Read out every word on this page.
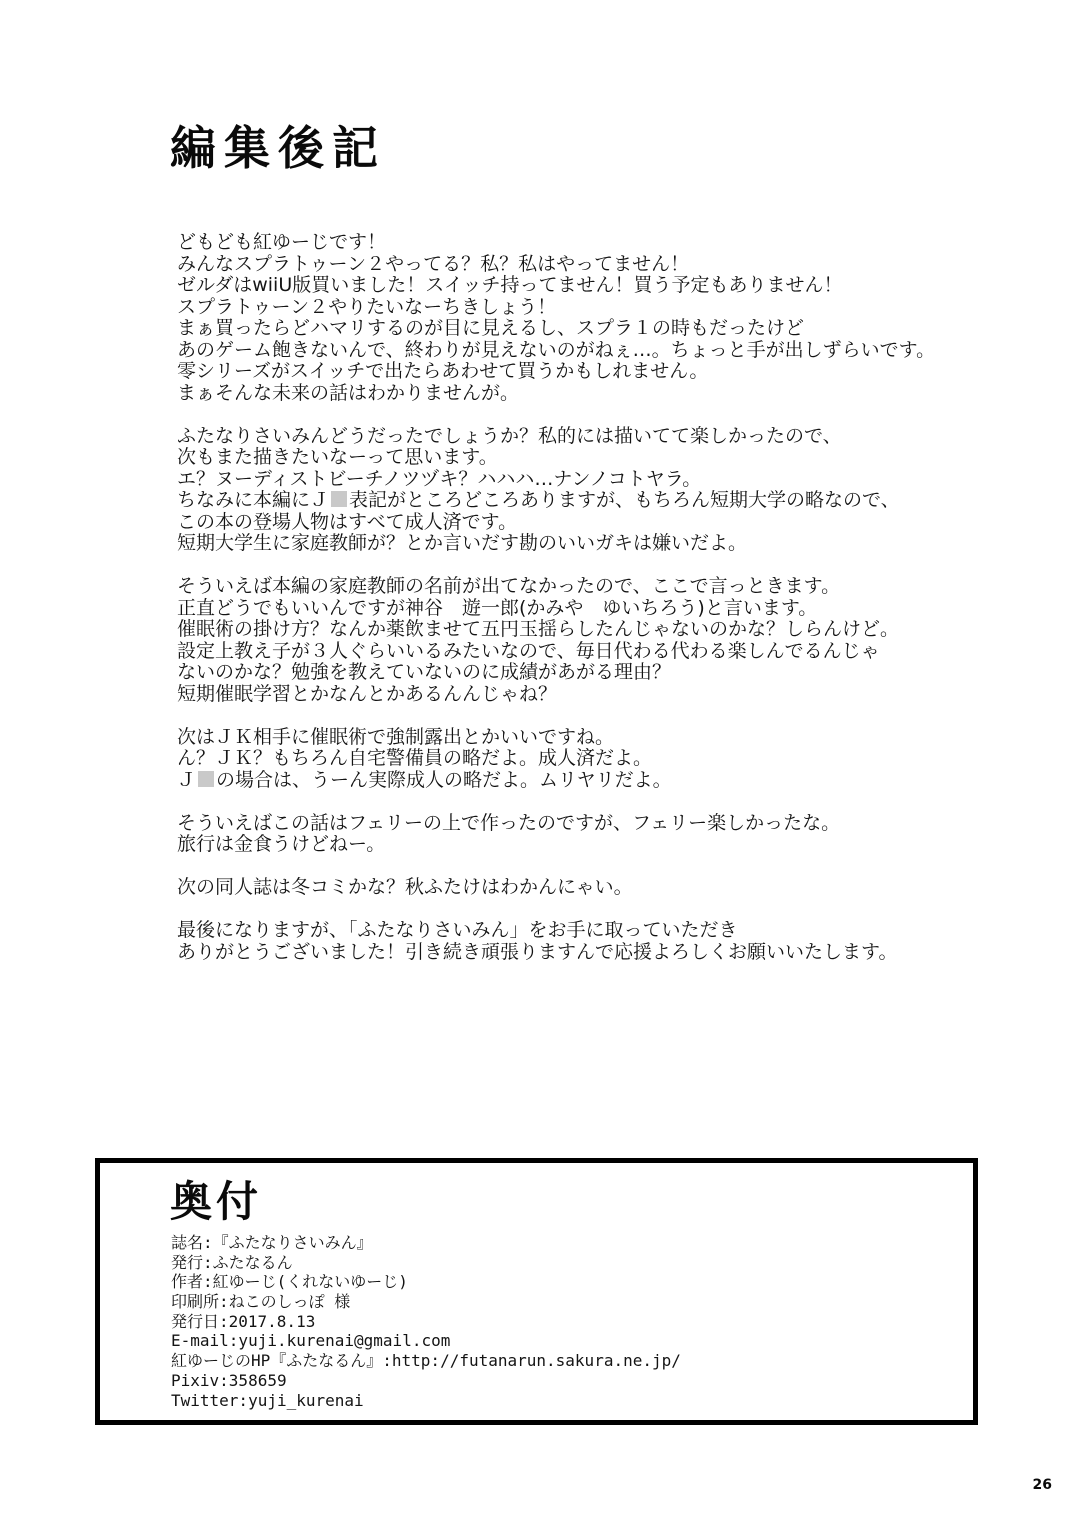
編集後記
どもども紅ゆーじです！
みんなスプラトゥーン２やってる？私？私はやってません！
ゼルダはwiiU版買いました！スイッチ持ってません！買う予定もありません！
スプラトゥーン２やりたいなーちきしょう！
まぁ買ったらどハマリするのが目に見えるし、スプラ１の時もだったけど
あのゲーム飽きないんで、終わりが見えないのがねぇ…。ちょっと手が出しずらいです。
零シリーズがスイッチで出たらあわせて買うかもしれません。
まぁそんな未来の話はわかりませんが。
ふたなりさいみんどうだったでしょうか？私的には描いてて楽しかったので、
次もまた描きたいなーって思います。
エ？ヌーディストビーチノツヅキ？ハハハ…ナンノコトヤラ。
ちなみに本編にＪ 表記がところどころありますが、もちろん短期大学の略なので、
この本の登場人物はすべて成人済です。
短期大学生に家庭教師が？とか言いだす勘のいいガキは嫌いだよ。
そういえば本編の家庭教師の名前が出てなかったので、ここで言っときます。
正直どうでもいいんですが神谷　遊一郎(かみや　ゆいちろう)と言います。
催眠術の掛け方？なんか薬飲ませて五円玉揺らしたんじゃないのかな？しらんけど。
設定上教え子が３人ぐらいいるみたいなので、毎日代わる代わる楽しんでるんじゃ
ないのかな？勉強を教えていないのに成績があがる理由？
短期催眠学習とかなんとかあるんんじゃね？
次はＪＫ相手に催眠術で強制露出とかいいですね。
ん？ＪＫ？もちろん自宅警備員の略だよ。成人済だよ。
Ｊ の場合は、うーん実際成人の略だよ。ムリヤリだよ。
そういえばこの話はフェリーの上で作ったのですが、フェリー楽しかったな。
旅行は金食うけどねー。
次の同人誌は冬コミかな？秋ふたけはわかんにゃい。
最後になりますが、「ふたなりさいみん」をお手に取っていただき
ありがとうございました！引き続き頑張りますんで応援よろしくお願いいたします。
奥付
誌名:『ふたなりさいみん』
発行:ふたなるん
作者:紅ゆーじ(くれないゆーじ)
印刷所:ねこのしっぽ 様
発行日:2017.8.13
E-mail:yuji.kurenai@gmail.com
紅ゆーじのHP『ふたなるん』:http://futanarun.sakura.ne.jp/
Pixiv:358659
Twitter:yuji_kurenai
26
